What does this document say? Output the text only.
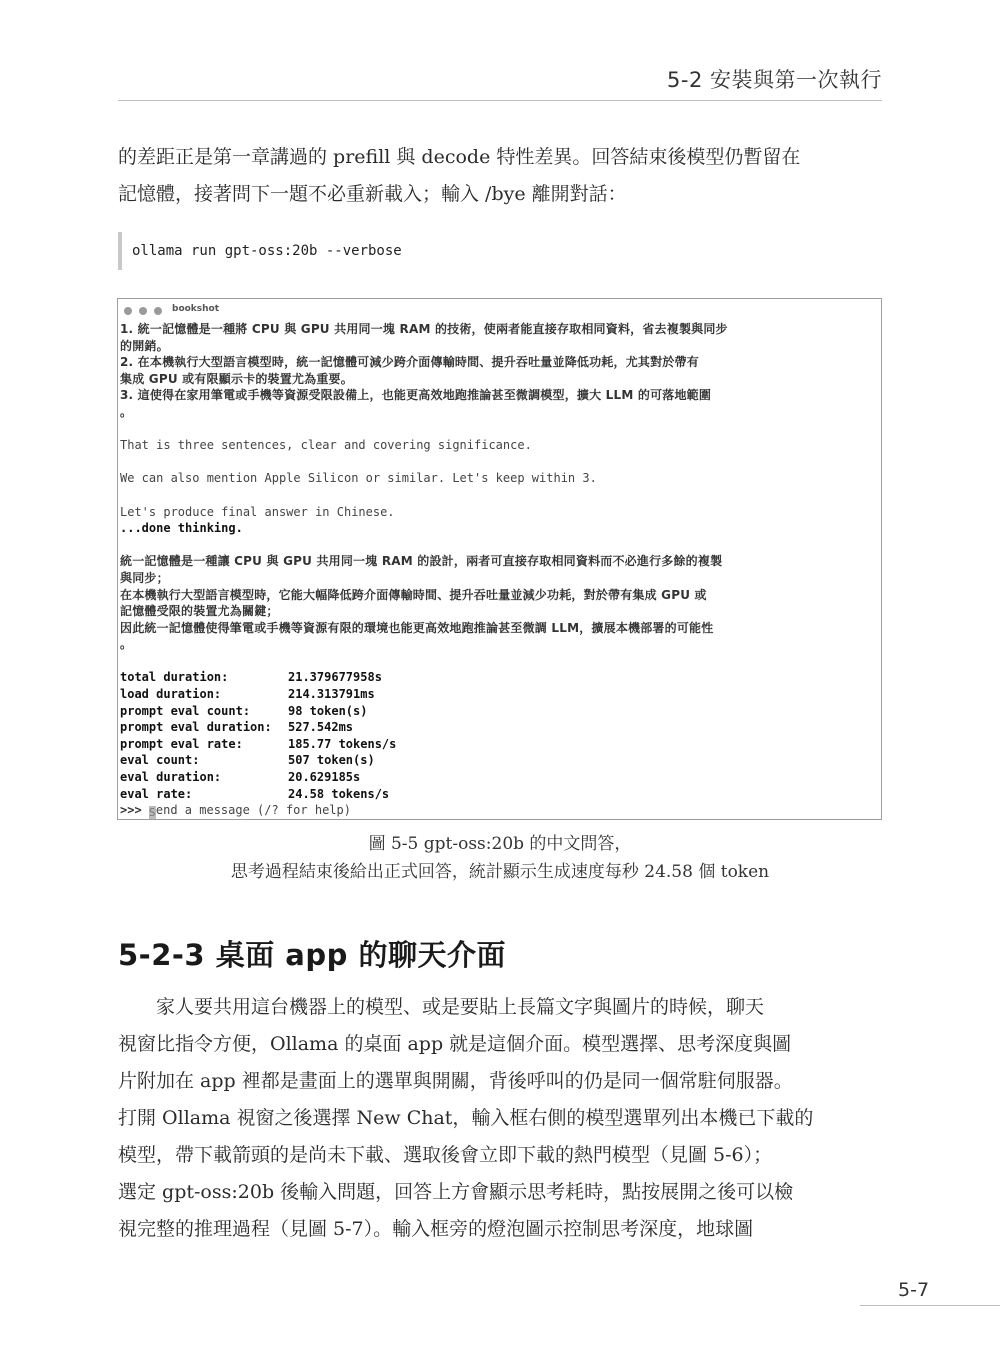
5-2 安裝與第一次執行
的差距正是第一章講過的 prefill 與 decode 特性差異。回答結束後模型仍暫留在
記憶體，接著問下一題不必重新載入；輸入 /bye 離開對話：
ollama run gpt-oss:20b --verbose
bookshot
1. 統一記憶體是一種將 CPU 與 GPU 共用同一塊 RAM 的技術，使兩者能直接存取相同資料，省去複製與同步
的開銷。
2. 在本機執行大型語言模型時，統一記憶體可減少跨介面傳輸時間、提升吞吐量並降低功耗，尤其對於帶有
集成 GPU 或有限顯示卡的裝置尤為重要。
3. 這使得在家用筆電或手機等資源受限設備上，也能更高效地跑推論甚至微調模型，擴大 LLM 的可落地範圍
。
That is three sentences, clear and covering significance.
We can also mention Apple Silicon or similar. Let's keep within 3.
Let's produce final answer in Chinese.
...done thinking.
統一記憶體是一種讓 CPU 與 GPU 共用同一塊 RAM 的設計，兩者可直接存取相同資料而不必進行多餘的複製
與同步；
在本機執行大型語言模型時，它能大幅降低跨介面傳輸時間、提升吞吐量並減少功耗，對於帶有集成 GPU 或
記憶體受限的裝置尤為關鍵；
因此統一記憶體使得筆電或手機等資源有限的環境也能更高效地跑推論甚至微調 LLM，擴展本機部署的可能性
。
total duration:	21.379677958s
load duration:	214.313791ms
prompt eval count:	98 token(s)
prompt eval duration: 527.542ms
prompt eval rate:	185.77 tokens/s
eval count:	507 token(s)
eval duration:	20.629185s
eval rate:	24.58 tokens/s
>>> Send a message (/? for help)
圖 5-5 gpt-oss:20b 的中文問答，
思考過程結束後給出正式回答，統計顯示生成速度每秒 24.58 個 token
5-2-3 桌面 app 的聊天介面
　　家人要共用這台機器上的模型、或是要貼上長篇文字與圖片的時候，聊天
視窗比指令方便，Ollama 的桌面 app 就是這個介面。模型選擇、思考深度與圖
片附加在 app 裡都是畫面上的選單與開關，背後呼叫的仍是同一個常駐伺服器。
打開 Ollama 視窗之後選擇 New Chat，輸入框右側的模型選單列出本機已下載的
模型，帶下載箭頭的是尚未下載、選取後會立即下載的熱門模型（見圖 5-6）；
選定 gpt-oss:20b 後輸入問題，回答上方會顯示思考耗時，點按展開之後可以檢
視完整的推理過程（見圖 5-7）。輸入框旁的燈泡圖示控制思考深度，地球圖
5-7
